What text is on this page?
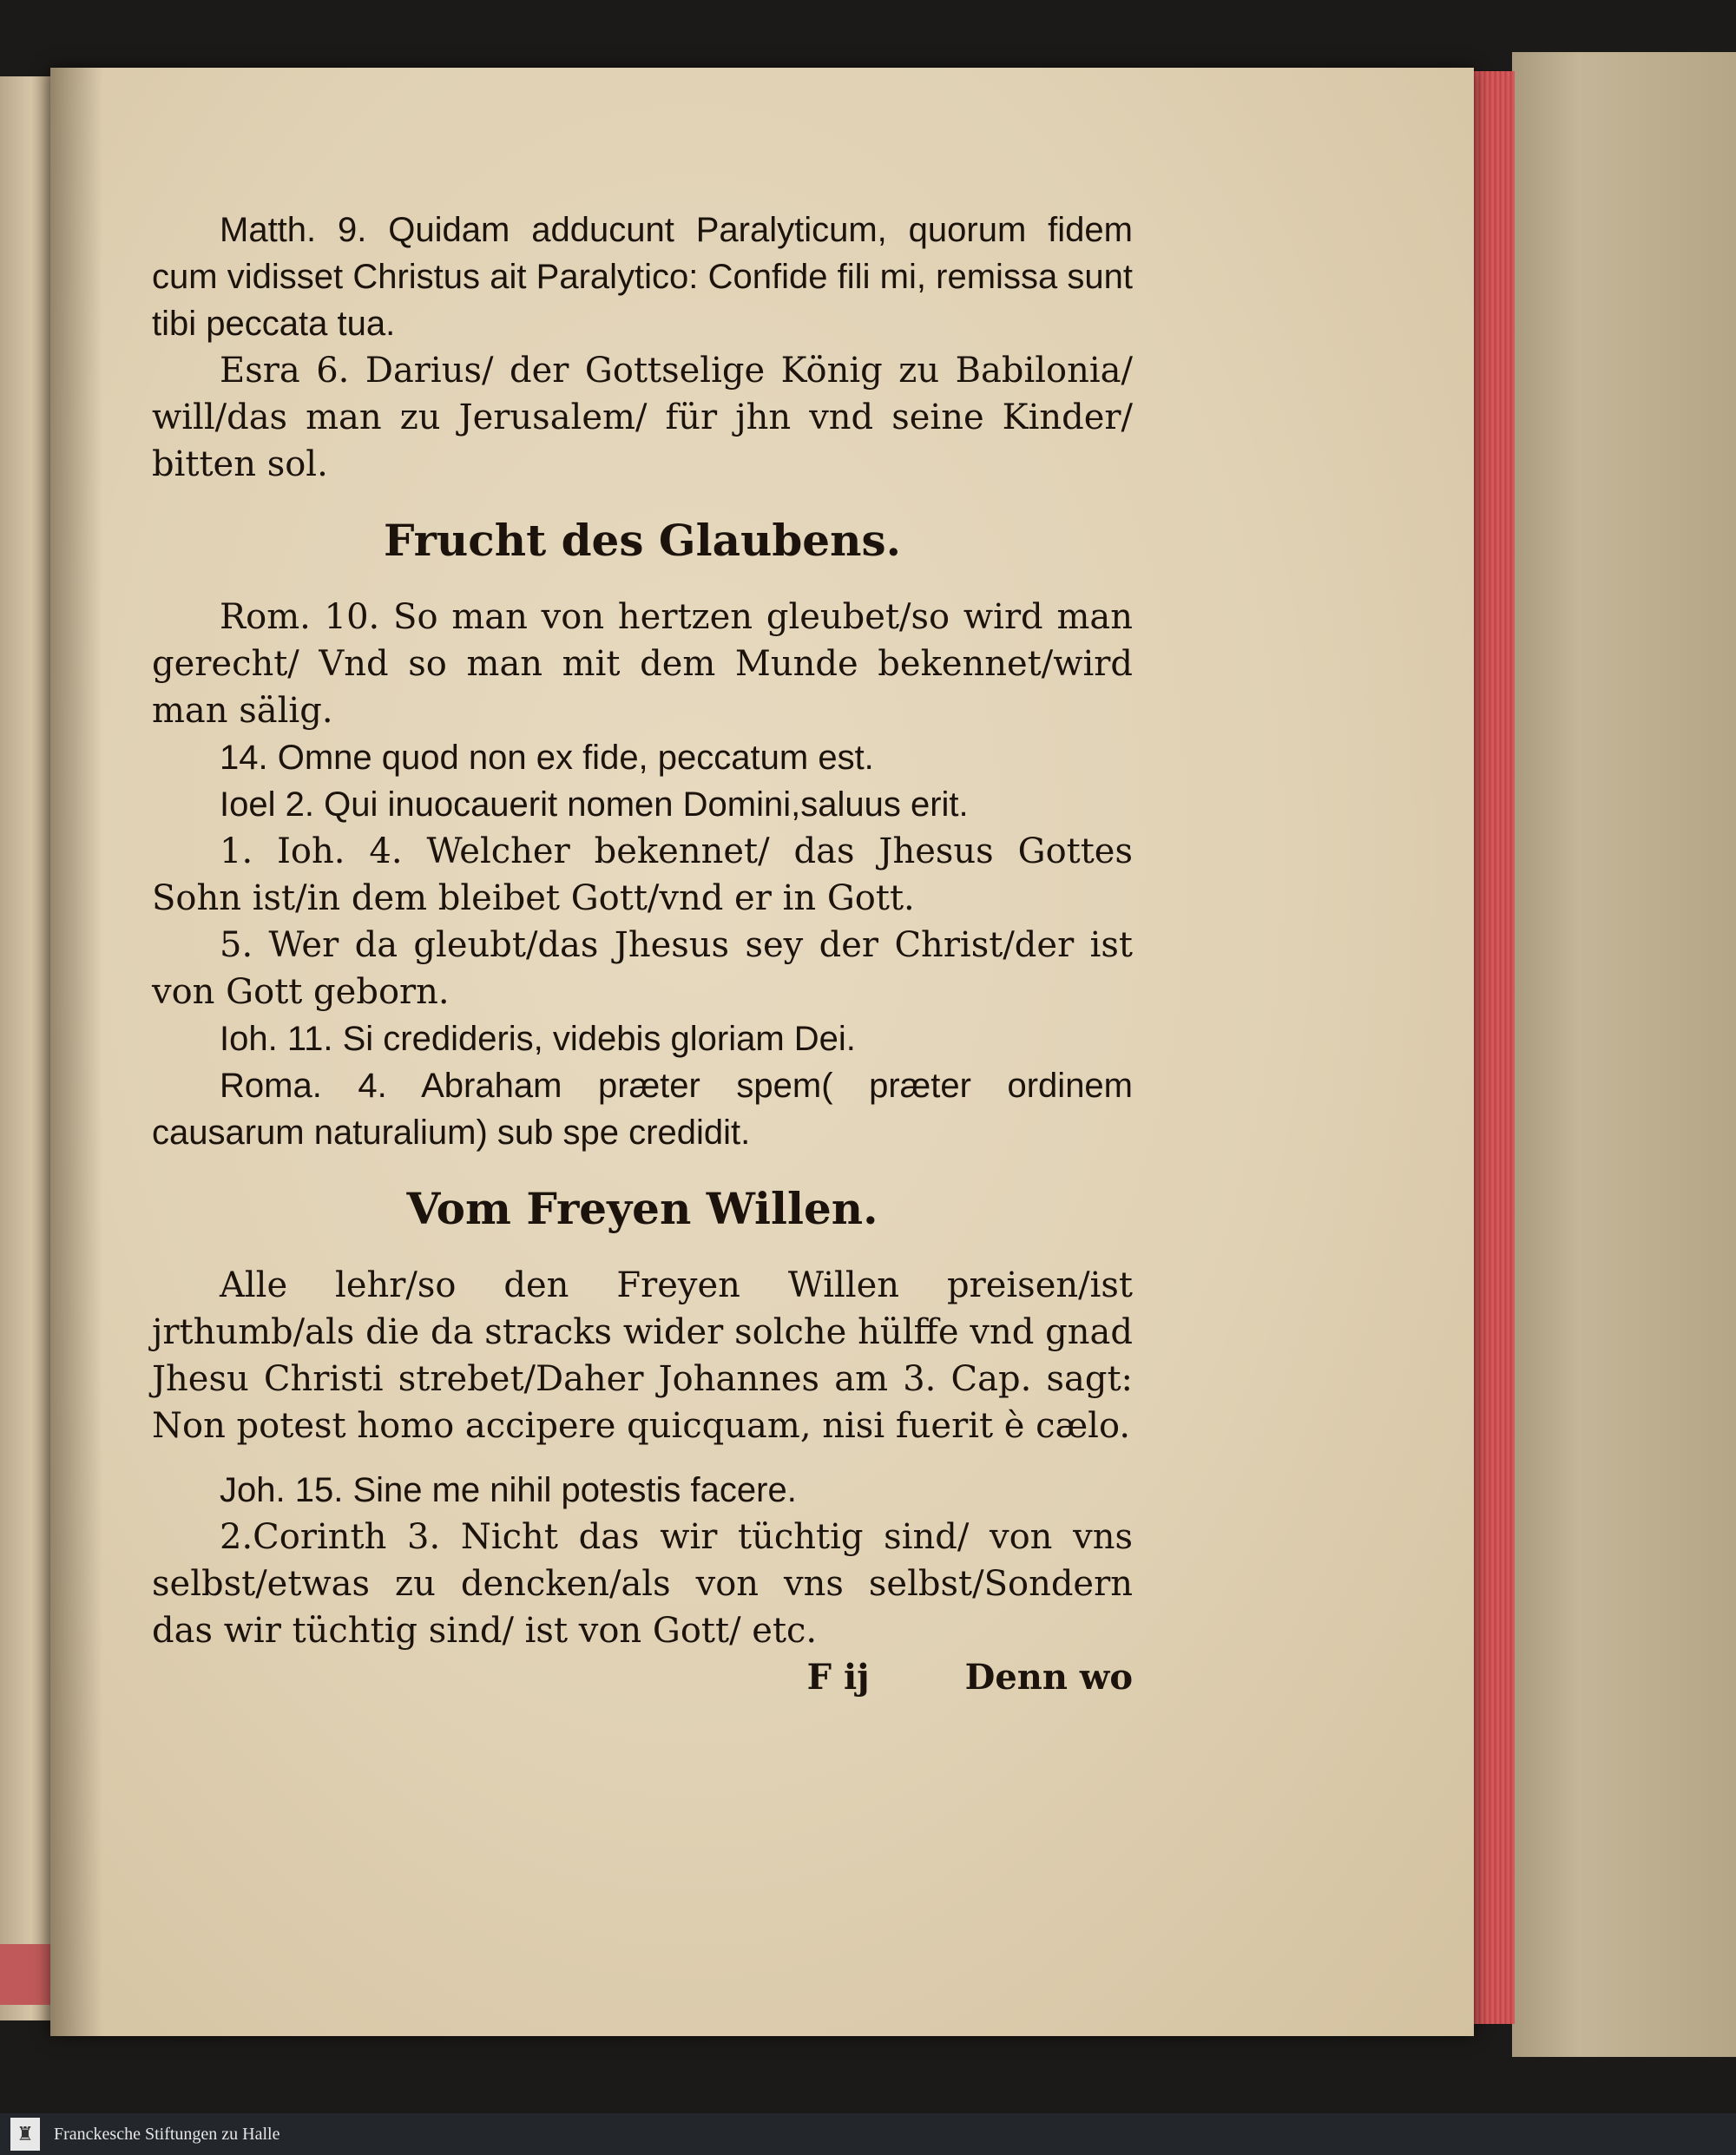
Matth. 9. Quidam adducunt Paralyticum, quorum fidem cum vidisset Christus ait Paralytico: Confide fili mi, remissa sunt tibi peccata tua.

Esra 6. Darius/ der Gottselige König zu Babilonia/ will/das man zu Jerusalem/ für jhn vnd seine Kinder/ bitten sol.

Frucht des Glaubens.

Rom. 10. So man von hertzen gleubet/so wird man gerecht/ Vnd so man mit dem Munde bekennet/wird man sälig.

14. Omne quod non ex fide, peccatum est.

Ioel 2. Qui inuocauerit nomen Domini,saluus erit.

1. Ioh. 4. Welcher bekennet/ das Jhesus Gottes Sohn ist/in dem bleibet Gott/vnd er in Gott.

5. Wer da gleubt/das Jhesus sey der Christ/der ist von Gott geborn.

Ioh. 11. Si credideris, videbis gloriam Dei.

Roma. 4. Abraham præter spem( præter ordinem causarum naturalium) sub spe credidit.

Vom Freyen Willen.

Alle lehr/so den Freyen Willen preisen/ist jrthumb/als die da stracks wider solche hülffe vnd gnad Jhesu Christi strebet/Daher Johannes am 3. Cap. sagt: Non potest homo accipere quicquam, nisi fuerit è cælo.

Joh. 15. Sine me nihil potestis facere.

2.Corinth 3. Nicht das wir tüchtig sind/ von vns selbst/etwas zu dencken/als von vns selbst/Sondern das wir tüchtig sind/ ist von Gott/ etc.

F ij	Denn wo
♜	Franckesche Stiftungen zu Halle
